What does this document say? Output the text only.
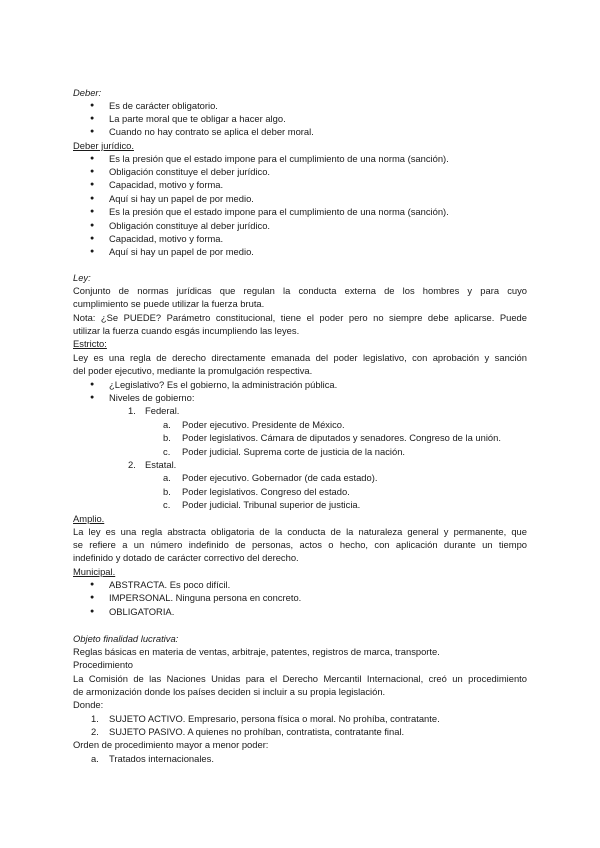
Deber:
● Es de carácter obligatorio.
● La parte moral que te obligar a hacer algo.
● Cuando no hay contrato se aplica el deber moral.
Deber jurídico.
● Es la presión que el estado impone para el cumplimiento de una norma (sanción).
● Obligación constituye el deber jurídico.
● Capacidad, motivo y forma.
● Aquí si hay un papel de por medio.
● Es la presión que el estado impone para el cumplimiento de una norma (sanción).
● Obligación constituye al deber jurídico.
● Capacidad, motivo y forma.
● Aquí si hay un papel de por medio.
Ley:
Conjunto de normas jurídicas que regulan la conducta externa de los hombres y para cuyo
cumplimiento se puede utilizar la fuerza bruta.
Nota: ¿Se PUEDE? Parámetro constitucional, tiene el poder pero no siempre debe aplicarse. Puede
utilizar la fuerza cuando esgás incumpliendo las leyes.
Estricto:
Ley es una regla de derecho directamente emanada del poder legislativo, con aprobación y sanción
del poder ejecutivo, mediante la promulgación respectiva.
● ¿Legislativo? Es el gobierno, la administración pública.
● Niveles de gobierno:
1. Federal.
a. Poder ejecutivo. Presidente de México.
b. Poder legislativos. Cámara de diputados y senadores. Congreso de la unión.
c. Poder judicial. Suprema corte de justicia de la nación.
2. Estatal.
a. Poder ejecutivo. Gobernador (de cada estado).
b. Poder legislativos. Congreso del estado.
c. Poder judicial. Tribunal superior de justicia.
Amplio.
La ley es una regla abstracta obligatoria de la conducta de la naturaleza general y permanente, que
se refiere a un número indefinido de personas, actos o hecho, con aplicación durante un tiempo
indefinido y dotado de carácter correctivo del derecho.
Municipal.
● ABSTRACTA. Es poco difícil.
● IMPERSONAL. Ninguna persona en concreto.
● OBLIGATORIA.
Objeto finalidad lucrativa:
Reglas básicas en materia de ventas, arbitraje, patentes, registros de marca, transporte.
Procedimiento
La Comisión de las Naciones Unidas para el Derecho Mercantil Internacional, creó un procedimiento
de armonización donde los países deciden si incluir a su propia legislación.
Donde:
1. SUJETO ACTIVO. Empresario, persona física o moral. No prohíba, contratante.
2. SUJETO PASIVO. A quienes no prohíban, contratista, contratante final.
Orden de procedimiento mayor a menor poder:
a. Tratados internacionales.
